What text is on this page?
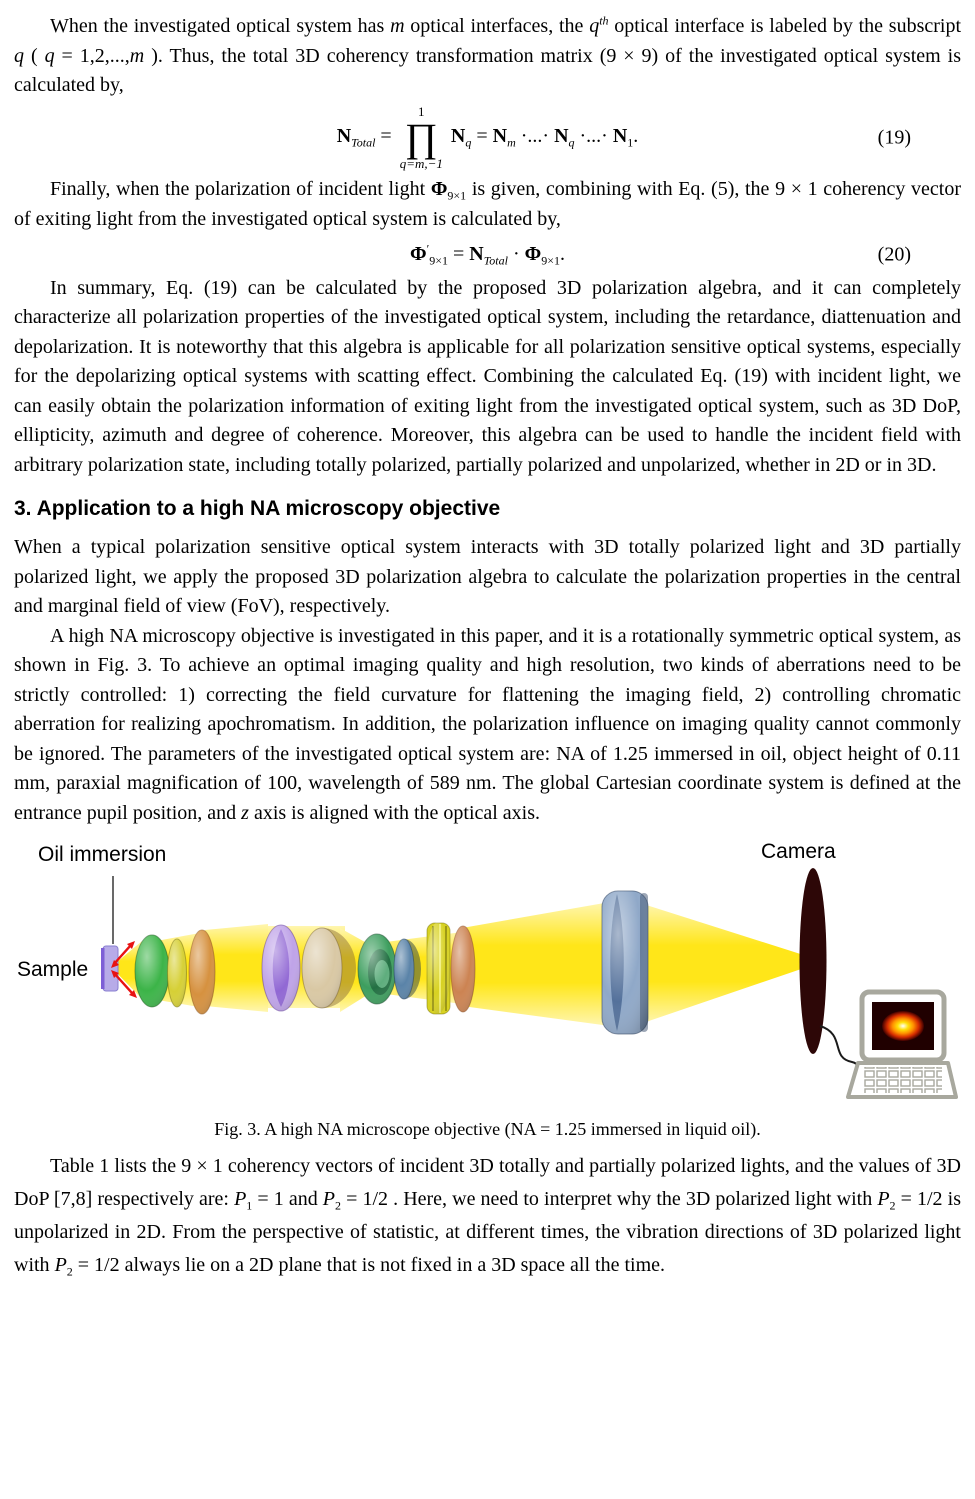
When the investigated optical system has m optical interfaces, the $q^{th}$ optical interface is labeled by the subscript q ( q = 1,2,...,m ). Thus, the total 3D coherency transformation matrix (9 × 9) of the investigated optical system is calculated by,

$N_{Total}$ =
1
∏
q=m,−1
$N_q = N_m$ ·...· $N_q$ ·...· $N_1$.	(19)

Finally, when the polarization of incident light $\Phi_{9\times 1}$ is given, combining with Eq. (5), the 9 × 1 coherency vector of exiting light from the investigated optical system is calculated by,

$\Phi'_{9\times 1} = N_{Total} \cdot \Phi_{9\times 1}$.	(20)

In summary, Eq. (19) can be calculated by the proposed 3D polarization algebra, and it can completely characterize all polarization properties of the investigated optical system, including the retardance, diattenuation and depolarization. It is noteworthy that this algebra is applicable for all polarization sensitive optical systems, especially for the depolarizing optical systems with scatting effect. Combining the calculated Eq. (19) with incident light, we can easily obtain the polarization information of exiting light from the investigated optical system, such as 3D DoP, ellipticity, azimuth and degree of coherence. Moreover, this algebra can be used to handle the incident field with arbitrary polarization state, including totally polarized, partially polarized and unpolarized, whether in 2D or in 3D.

3. Application to a high NA microscopy objective

When a typical polarization sensitive optical system interacts with 3D totally polarized light and 3D partially polarized light, we apply the proposed 3D polarization algebra to calculate the polarization properties in the central and marginal field of view (FoV), respectively.

A high NA microscopy objective is investigated in this paper, and it is a rotationally symmetric optical system, as shown in Fig. 3. To achieve an optimal imaging quality and high resolution, two kinds of aberrations need to be strictly controlled: 1) correcting the field curvature for flattening the imaging field, 2) controlling chromatic aberration for realizing apochromatism. In addition, the polarization influence on imaging quality cannot commonly be ignored. The parameters of the investigated optical system are: NA of 1.25 immersed in oil, object height of 0.11 mm, paraxial magnification of 100, wavelength of 589 nm. The global Cartesian coordinate system is defined at the entrance pupil position, and z axis is aligned with the optical axis.

Oil immersion
Sample
Camera

Fig. 3. A high NA microscope objective (NA = 1.25 immersed in liquid oil).

Table 1 lists the 9 × 1 coherency vectors of incident 3D totally and partially polarized lights, and the values of 3D DoP [7,8] respectively are: $P_1 = 1$ and $P_2 = 1/2$ . Here, we need to interpret why the 3D polarized light with $P_2 = 1/2$ is unpolarized in 2D. From the perspective of statistic, at different times, the vibration directions of 3D polarized light with $P_2 = 1/2$ always lie on a 2D plane that is not fixed in a 3D space all the time.
